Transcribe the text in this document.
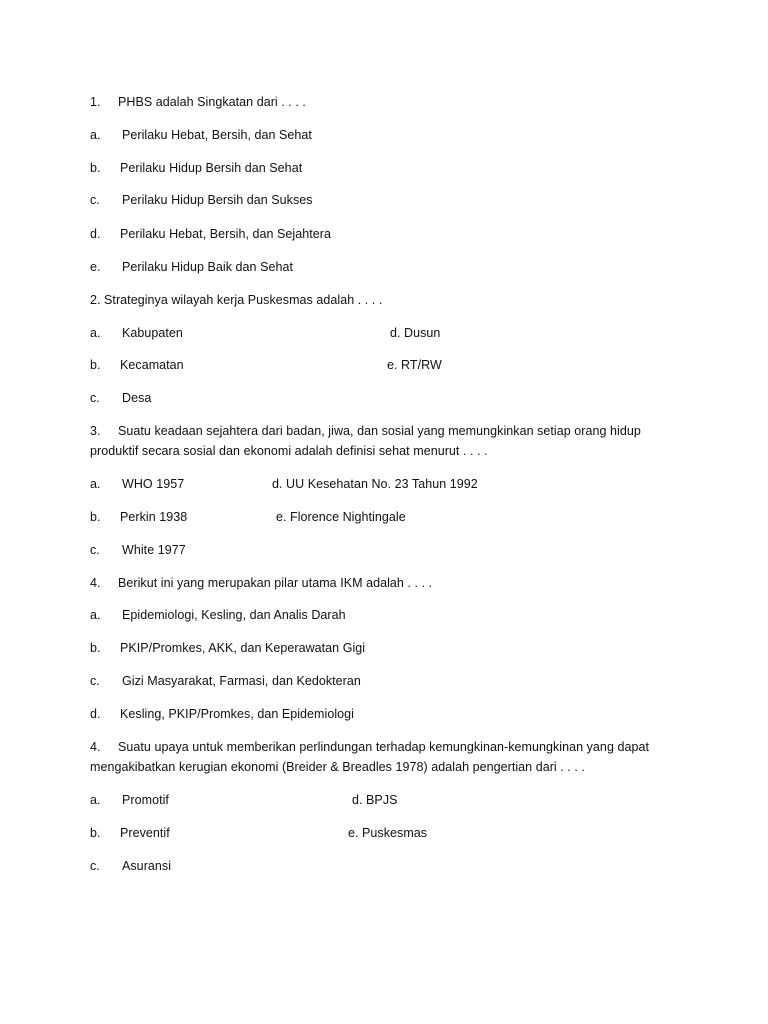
1. PHBS adalah Singkatan dari . . . .
a. Perilaku Hebat, Bersih, dan Sehat
b. Perilaku Hidup Bersih dan Sehat
c. Perilaku Hidup Bersih dan Sukses
d. Perilaku Hebat, Bersih, dan Sejahtera
e. Perilaku Hidup Baik dan Sehat
2. Strateginya wilayah kerja Puskesmas adalah . . . .
a. Kabupaten	d. Dusun
b. Kecamatan	e. RT/RW
c. Desa
3. Suatu keadaan sejahtera dari badan, jiwa, dan sosial yang memungkinkan setiap orang hidup
produktif secara sosial dan ekonomi adalah definisi sehat menurut . . . .
a. WHO 1957	d. UU Kesehatan No. 23 Tahun 1992
b. Perkin 1938	e. Florence Nightingale
c. White 1977
4. Berikut ini yang merupakan pilar utama IKM adalah . . . .
a. Epidemiologi, Kesling, dan Analis Darah
b. PKIP/Promkes, AKK, dan Keperawatan Gigi
c. Gizi Masyarakat, Farmasi, dan Kedokteran
d. Kesling, PKIP/Promkes, dan Epidemiologi
4. Suatu upaya untuk memberikan perlindungan terhadap kemungkinan-kemungkinan yang dapat
mengakibatkan kerugian ekonomi (Breider & Breadles 1978) adalah pengertian dari . . . .
a. Promotif	d. BPJS
b. Preventif	e. Puskesmas
c. Asuransi
